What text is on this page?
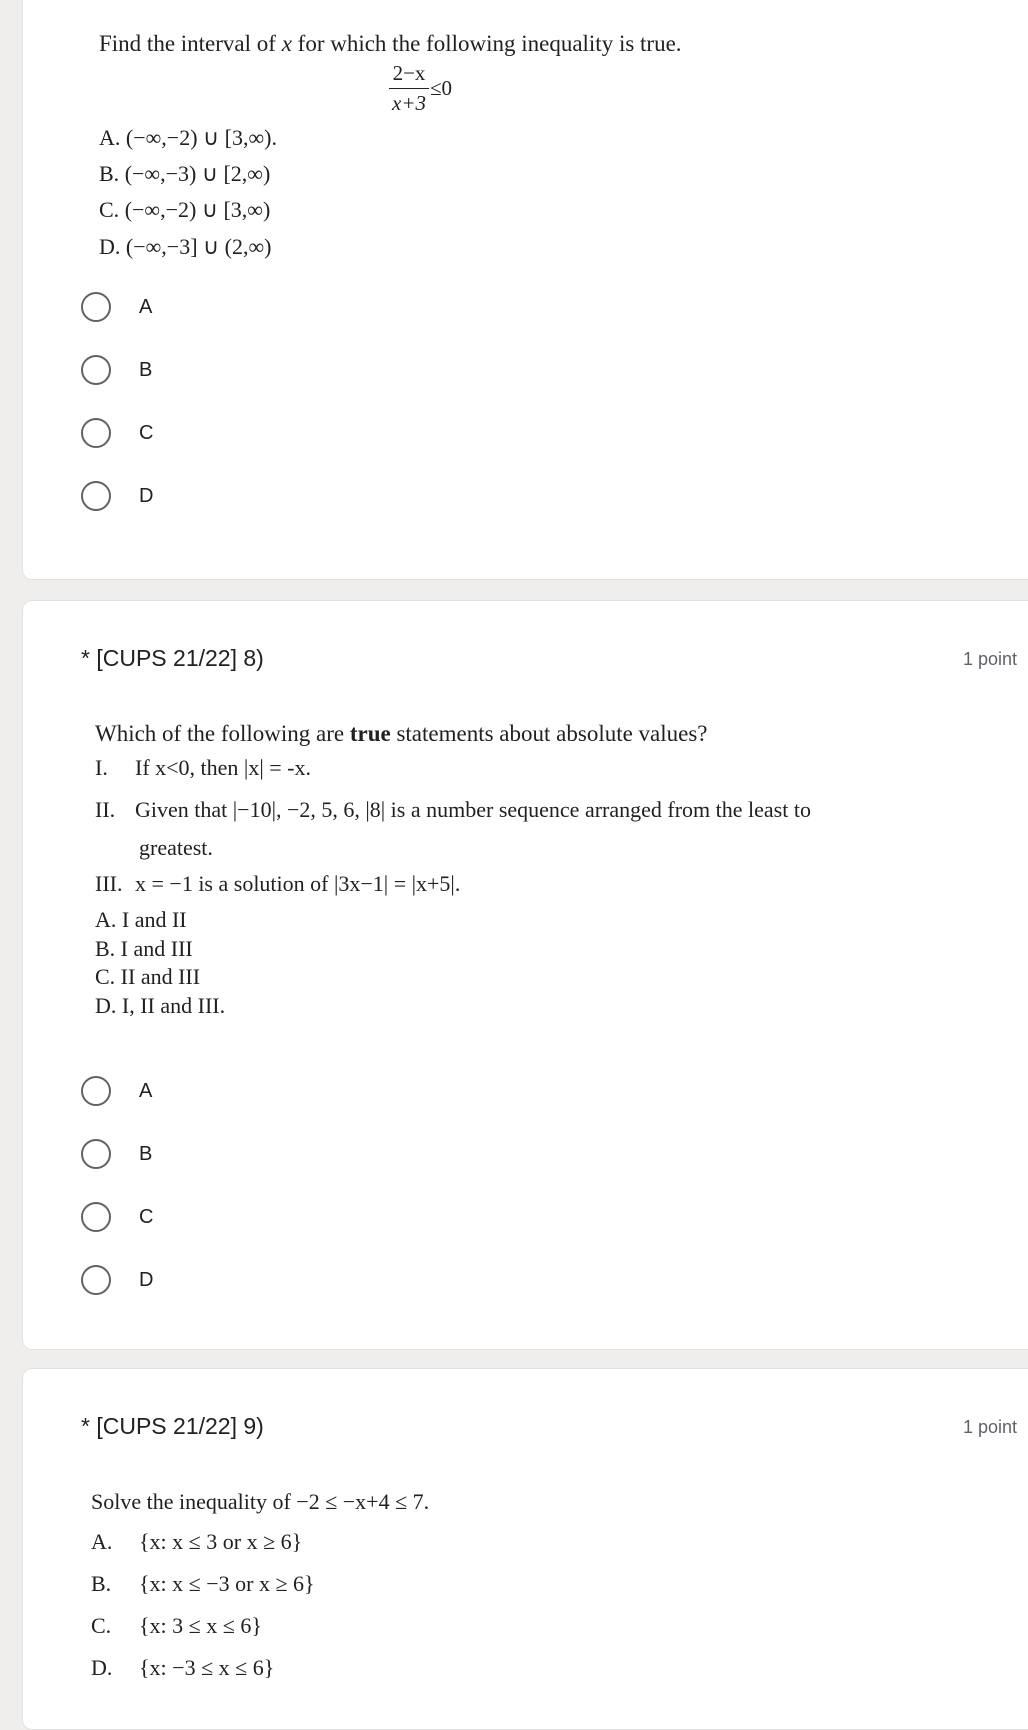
Find the interval of x for which the following inequality is true.
$\frac{2-x}{x+3} \le 0$
A. (−∞,−2) ∪ [3,∞).
B. (−∞,−3) ∪ [2,∞)
C. (−∞,−2) ∪ [3,∞)
D. (−∞,−3] ∪ (2,∞)
A
B
C
D
* [CUPS 21/22] 8)	1 point
Which of the following are true statements about absolute values?
I. If x<0, then |x| = -x.
II. Given that |−10|, −2, 5, 6, |8| is a number sequence arranged from the least to
greatest.
III. x = −1 is a solution of |3x−1| = |x+5|.
A. I and II
B. I and III
C. II and III
D. I, II and III.
A
B
C
D
* [CUPS 21/22] 9)	1 point
Solve the inequality of −2 ≤ −x+4 ≤ 7.
A. {x: x ≤ 3 or x ≥ 6}
B. {x: x ≤ −3 or x ≥ 6}
C. {x: 3 ≤ x ≤ 6}
D. {x: −3 ≤ x ≤ 6}
